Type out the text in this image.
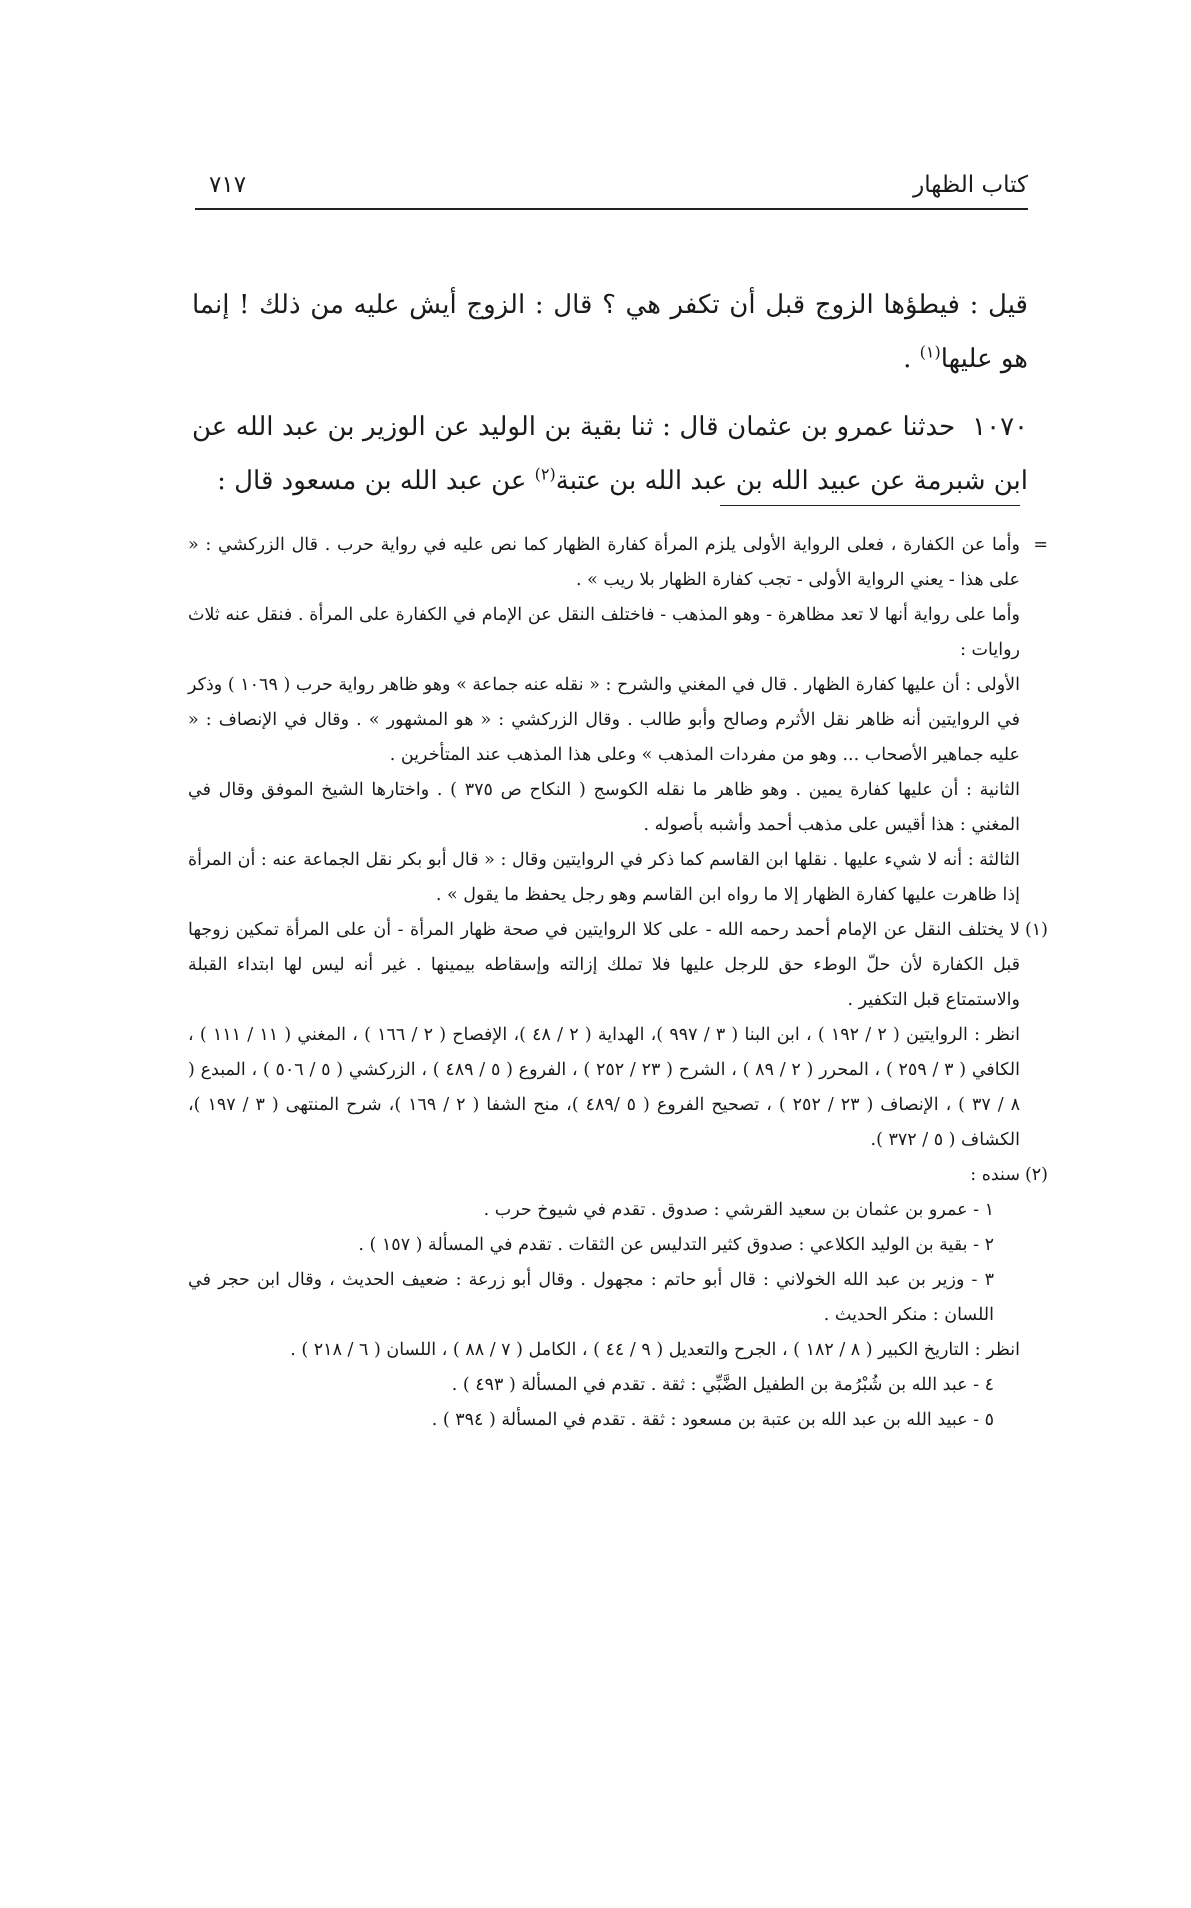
كتاب الظهار
٧١٧

قيل : فيطؤها الزوج قبل أن تكفر هي ؟ قال : الزوج أيش عليه من ذلك ! إنما هو عليها$^{(١)}$ .

١٠٧٠  حدثنا عمرو بن عثمان قال : ثنا بقية بن الوليد عن الوزير بن عبد الله عن ابن شبرمة عن عبيد الله بن عبد الله بن عتبة$^{(٢)}$ عن عبد الله بن مسعود قال :

=
وأما عن الكفارة ، فعلى الرواية الأولى يلزم المرأة كفارة الظهار كما نص عليه في رواية حرب . قال الزركشي : « على هذا - يعني الرواية الأولى - تجب كفارة الظهار بلا ريب » .

وأما على رواية أنها لا تعد مظاهرة - وهو المذهب - فاختلف النقل عن الإمام في الكفارة على المرأة . فنقل عنه ثلاث روايات :

الأولى : أن عليها كفارة الظهار . قال في المغني والشرح : « نقله عنه جماعة » وهو ظاهر رواية حرب ( ١٠٦٩ ) وذكر في الروايتين أنه ظاهر نقل الأثرم وصالح وأبو طالب . وقال الزركشي : « هو المشهور » . وقال في الإنصاف : « عليه جماهير الأصحاب ... وهو من مفردات المذهب » وعلى هذا المذهب عند المتأخرين .

الثانية : أن عليها كفارة يمين . وهو ظاهر ما نقله الكوسج ( النكاح ص ٣٧٥ ) . واختارها الشيخ الموفق وقال في المغني : هذا أقيس على مذهب أحمد وأشبه بأصوله .

الثالثة : أنه لا شيء عليها . نقلها ابن القاسم كما ذكر في الروايتين وقال : « قال أبو بكر نقل الجماعة عنه : أن المرأة إذا ظاهرت عليها كفارة الظهار إلا ما رواه ابن القاسم وهو رجل يحفظ ما يقول » .

(١)
لا يختلف النقل عن الإمام أحمد رحمه الله - على كلا الروايتين في صحة ظهار المرأة - أن على المرأة تمكين زوجها قبل الكفارة لأن حلّ الوطء حق للرجل عليها فلا تملك إزالته وإسقاطه بيمينها . غير أنه ليس لها ابتداء القبلة والاستمتاع قبل التكفير .

انظر : الروايتين ( ٢ / ١٩٢ ) ، ابن البنا ( ٣ / ٩٩٧ )، الهداية ( ٢ / ٤٨ )، الإفصاح ( ٢ / ١٦٦ ) ، المغني ( ١١ / ١١١ ) ، الكافي ( ٣ / ٢٥٩ ) ، المحرر ( ٢ / ٨٩ ) ، الشرح ( ٢٣ / ٢٥٢ ) ، الفروع ( ٥ / ٤٨٩ ) ، الزركشي ( ٥ / ٥٠٦ ) ، المبدع ( ٨ / ٣٧ ) ، الإنصاف ( ٢٣ / ٢٥٢ ) ، تصحيح الفروع ( ٥ /٤٨٩ )، منح الشفا ( ٢ / ١٦٩ )، شرح المنتهى ( ٣ / ١٩٧ )، الكشاف ( ٥ / ٣٧٢ ).

(٢)
سنده :

١ - عمرو بن عثمان بن سعيد القرشي : صدوق . تقدم في شيوخ حرب .

٢ - بقية بن الوليد الكلاعي : صدوق كثير التدليس عن الثقات . تقدم في المسألة ( ١٥٧ ) .

٣ - وزير بن عبد الله الخولاني : قال أبو حاتم : مجهول . وقال أبو زرعة : ضعيف الحديث ، وقال ابن حجر في اللسان : منكر الحديث .

انظر : التاريخ الكبير ( ٨ / ١٨٢ ) ، الجرح والتعديل ( ٩ / ٤٤ ) ، الكامل ( ٧ / ٨٨ ) ، اللسان ( ٦ / ٢١٨ ) .

٤ - عبد الله بن شُبْرُمة بن الطفيل الضَّبِّي : ثقة . تقدم في المسألة ( ٤٩٣ ) .

٥ - عبيد الله بن عبد الله بن عتبة بن مسعود : ثقة . تقدم في المسألة ( ٣٩٤ ) .
